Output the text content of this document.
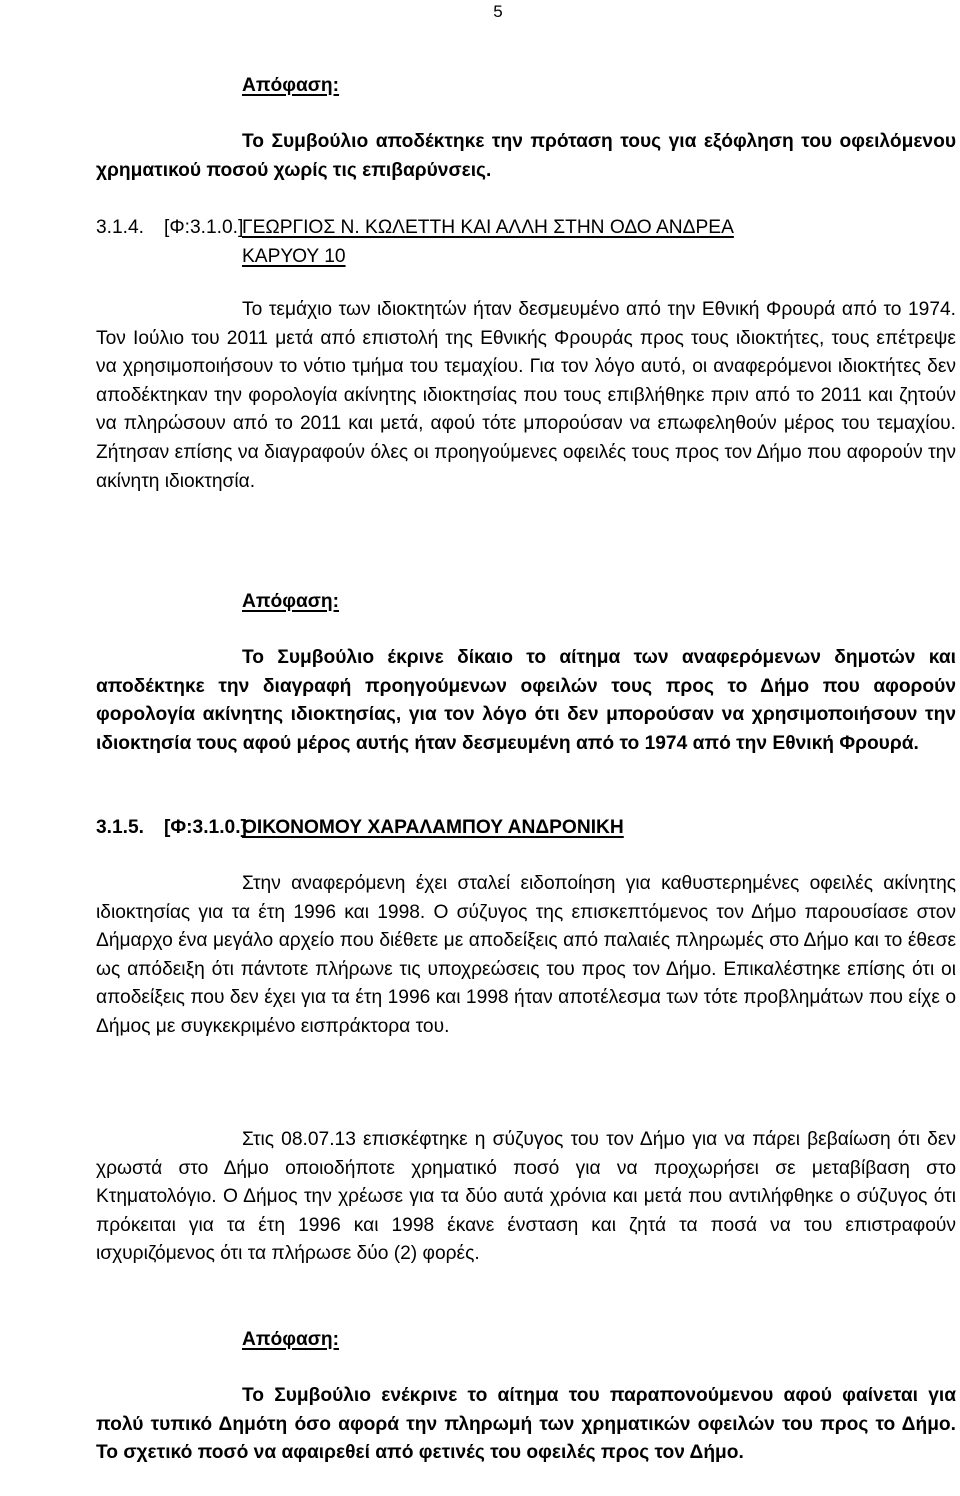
5
Απόφαση:
Το Συμβούλιο αποδέκτηκε την πρόταση τους για εξόφληση του οφειλόμενου χρηματικού ποσού χωρίς τις επιβαρύνσεις.
3.1.4. [Φ:3.1.0.]
ΓΕΩΡΓΙΟΣ Ν. ΚΩΛΕΤΤΗ ΚΑΙ ΑΛΛΗ ΣΤΗΝ ΟΔΟ ΑΝΔΡΕΑ
ΚΑΡΥΟΥ 10
Το τεμάχιο των ιδιοκτητών ήταν δεσμευμένο από την Εθνική Φρουρά από το 1974. Τον Ιούλιο του 2011 μετά από επιστολή της Εθνικής Φρουράς προς τους ιδιοκτήτες, τους επέτρεψε να χρησιμοποιήσουν το νότιο τμήμα του τεμαχίου. Για τον λόγο αυτό, οι αναφερόμενοι ιδιοκτήτες δεν αποδέκτηκαν την φορολογία ακίνητης ιδιοκτησίας που τους επιβλήθηκε πριν από το 2011 και ζητούν να πληρώσουν από το 2011 και μετά, αφού τότε μπορούσαν να επωφεληθούν μέρος του τεμαχίου. Ζήτησαν επίσης να διαγραφούν όλες οι προηγούμενες οφειλές τους προς τον Δήμο που αφορούν την ακίνητη ιδιοκτησία.
Απόφαση:
Το Συμβούλιο έκρινε δίκαιο το αίτημα των αναφερόμενων δημοτών και αποδέκτηκε την διαγραφή προηγούμενων οφειλών τους προς το Δήμο που αφορούν φορολογία ακίνητης ιδιοκτησίας, για τον λόγο ότι δεν μπορούσαν να χρησιμοποιήσουν την ιδιοκτησία τους αφού μέρος αυτής ήταν δεσμευμένη από το 1974 από την Εθνική Φρουρά.
3.1.5. [Φ:3.1.0.]
ΟΙΚΟΝΟΜΟΥ ΧΑΡΑΛΑΜΠΟΥ ΑΝΔΡΟΝΙΚΗ
Στην αναφερόμενη έχει σταλεί ειδοποίηση για καθυστερημένες οφειλές ακίνητης ιδιοκτησίας για τα έτη 1996 και 1998. Ο σύζυγος της επισκεπτόμενος τον Δήμο παρουσίασε στον Δήμαρχο ένα μεγάλο αρχείο που διέθετε με αποδείξεις από παλαιές πληρωμές στο Δήμο και το έθεσε ως απόδειξη ότι πάντοτε πλήρωνε τις υποχρεώσεις του προς τον Δήμο. Επικαλέστηκε επίσης ότι οι αποδείξεις που δεν έχει για τα έτη 1996 και 1998 ήταν αποτέλεσμα των τότε προβλημάτων που είχε ο Δήμος με συγκεκριμένο εισπράκτορα του.
Στις 08.07.13 επισκέφτηκε η σύζυγος του τον Δήμο για να πάρει βεβαίωση ότι δεν χρωστά στο Δήμο οποιοδήποτε χρηματικό ποσό για να προχωρήσει σε μεταβίβαση στο Κτηματολόγιο. Ο Δήμος την χρέωσε για τα δύο αυτά χρόνια και μετά που αντιλήφθηκε ο σύζυγος ότι πρόκειται για τα έτη 1996 και 1998 έκανε ένσταση και ζητά τα ποσά να του επιστραφούν ισχυριζόμενος ότι τα πλήρωσε δύο (2) φορές.
Απόφαση:
Το Συμβούλιο ενέκρινε το αίτημα του παραπονούμενου αφού φαίνεται για πολύ τυπικό Δημότη όσο αφορά την πληρωμή των χρηματικών οφειλών του προς το Δήμο. Το σχετικό ποσό να αφαιρεθεί από φετινές του οφειλές προς τον Δήμο.
